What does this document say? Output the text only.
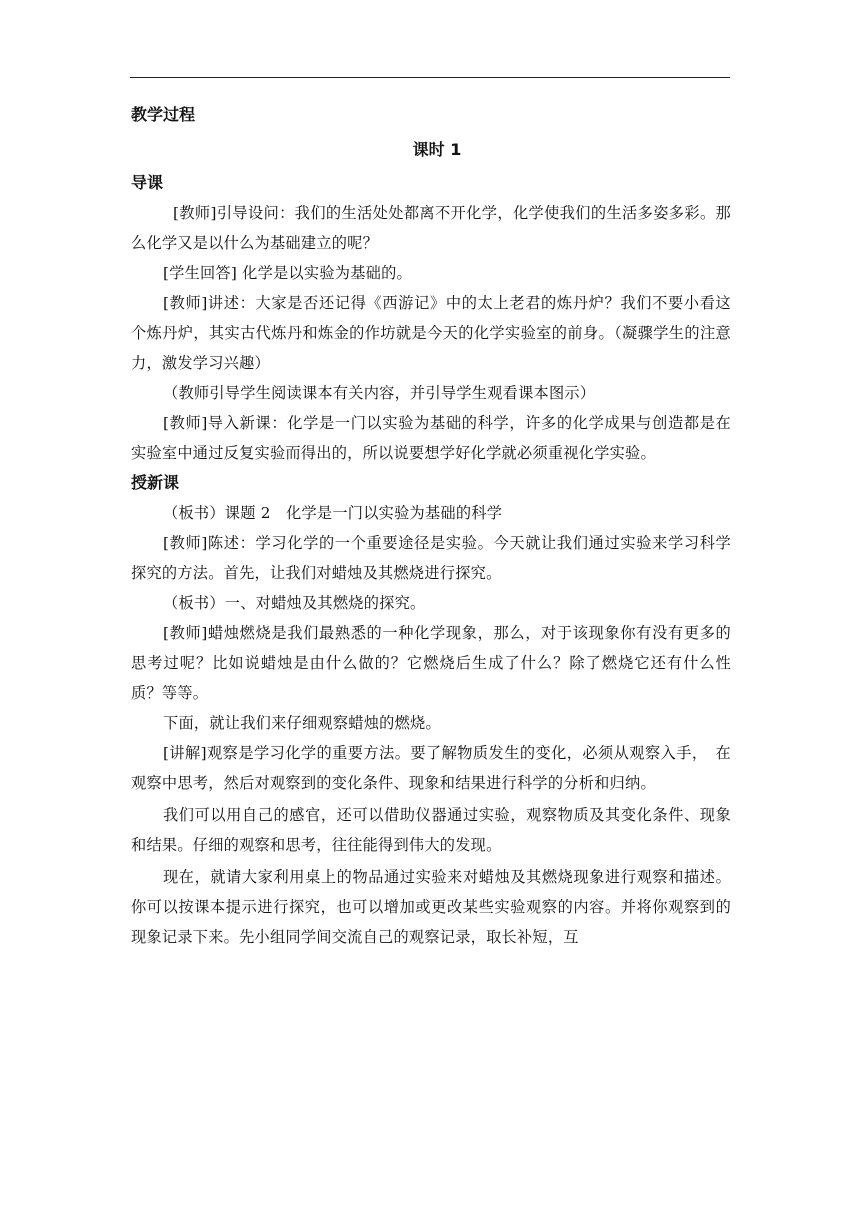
教学过程
课时 1
导课

[教师]引导设问：我们的生活处处都离不开化学，化学使我们的生活多姿多彩。那么化学又是以什么为基础建立的呢？

[学生回答] 化学是以实验为基础的。

[教师]讲述：大家是否还记得《西游记》中的太上老君的炼丹炉？我们不要小看这个炼丹炉，其实古代炼丹和炼金的作坊就是今天的化学实验室的前身。（凝骤学生的注意力，激发学习兴趣）

（教师引导学生阅读课本有关内容，并引导学生观看课本图示）

[教师]导入新课：化学是一门以实验为基础的科学，许多的化学成果与创造都是在实验室中通过反复实验而得出的，所以说要想学好化学就必须重视化学实验。

授新课

（板书）课题 2　化学是一门以实验为基础的科学

[教师]陈述：学习化学的一个重要途径是实验。今天就让我们通过实验来学习科学探究的方法。首先，让我们对蜡烛及其燃烧进行探究。

（板书）一、对蜡烛及其燃烧的探究。

[教师]蜡烛燃烧是我们最熟悉的一种化学现象，那么，对于该现象你有没有更多的思考过呢？比如说蜡烛是由什么做的？它燃烧后生成了什么？除了燃烧它还有什么性质？等等。

下面，就让我们来仔细观察蜡烛的燃烧。

[讲解]观察是学习化学的重要方法。要了解物质发生的变化，必须从观察入手，　在观察中思考，然后对观察到的变化条件、现象和结果进行科学的分析和归纳。

我们可以用自己的感官，还可以借助仪器通过实验，观察物质及其变化条件、现象和结果。仔细的观察和思考，往往能得到伟大的发现。

现在，就请大家利用桌上的物品通过实验来对蜡烛及其燃烧现象进行观察和描述。你可以按课本提示进行探究，也可以增加或更改某些实验观察的内容。并将你观察到的现象记录下来。先小组同学间交流自己的观察记录，取长补短，互
